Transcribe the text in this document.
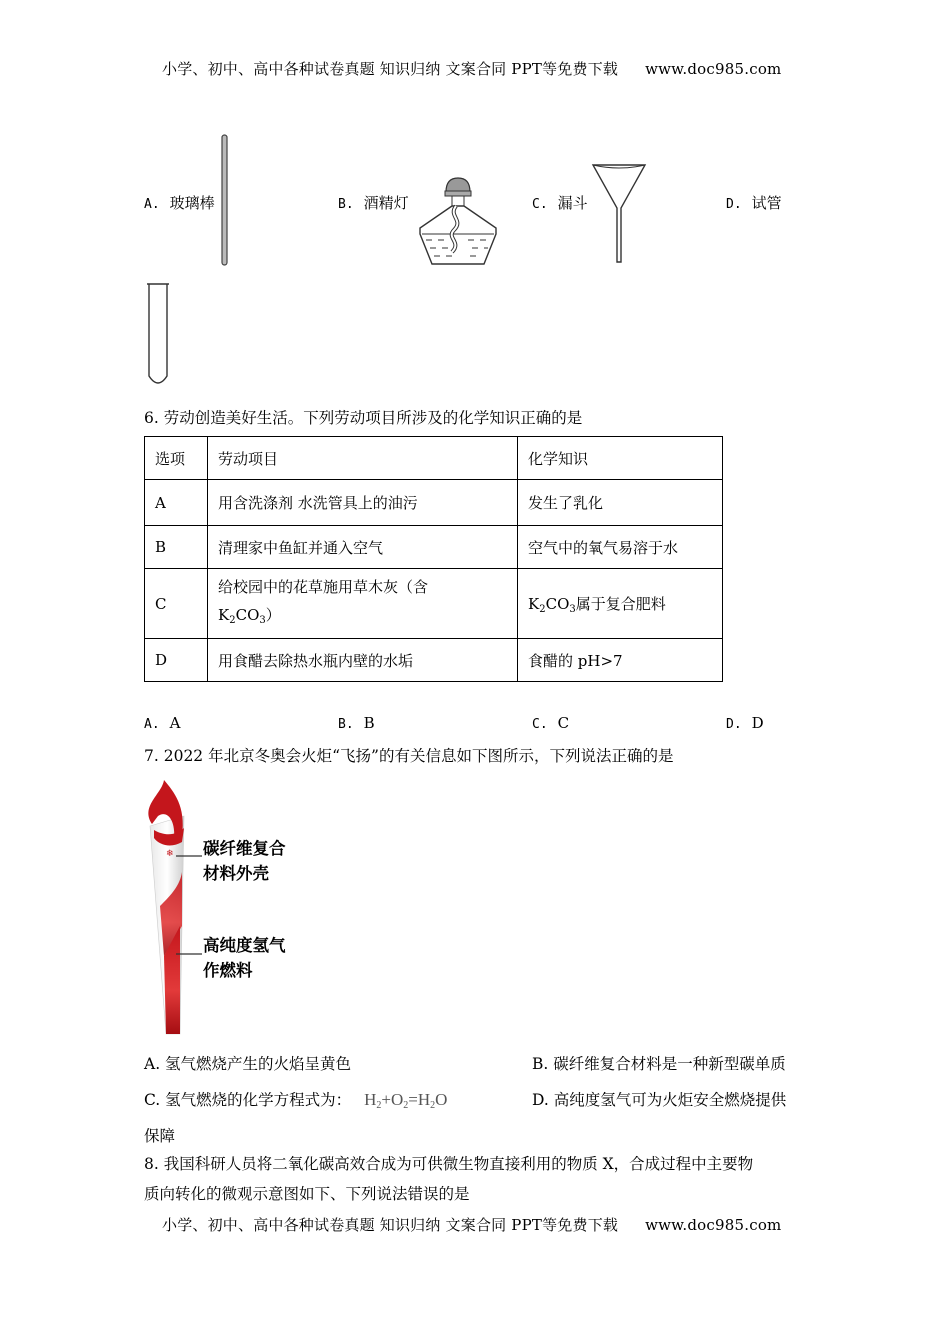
小学、初中、高中各种试卷真题 知识归纳 文案合同 PPT等免费下载 www.doc985.com
A. 玻璃棒	B. 酒精灯	C. 漏斗	D. 试管
6. 劳动创造美好生活。下列劳动项目所涉及的化学知识正确的是
选项	劳动项目	化学知识
A	用含洗涤剂 水洗管具上的油污	发生了乳化
B	清理家中鱼缸并通入空气	空气中的氧气易溶于水
C	给校园中的花草施用草木灰（含
$K_2CO_3$）	$K_2CO_3$属于复合肥料
D	用食醋去除热水瓶内壁的水垢	食醋的 pH>7
A. A	B. B	C. C	D. D
7. 2022 年北京冬奥会火炬“飞扬”的有关信息如下图所示，下列说法正确的是
❄ 碳纤维复合
材料外壳
高纯度氢气
作燃料
A. 氢气燃烧产生的火焰呈黄色	B. 碳纤维复合材料是一种新型碳单质
C. 氢气燃烧的化学方程式为： $H_2+O_2=H_2O$	D. 高纯度氢气可为火炬安全燃烧提供
保障
8. 我国科研人员将二氧化碳高效合成为可供微生物直接利用的物质 X，合成过程中主要物
质向转化的微观示意图如下、下列说法错误的是
小学、初中、高中各种试卷真题 知识归纳 文案合同 PPT等免费下载 www.doc985.com
